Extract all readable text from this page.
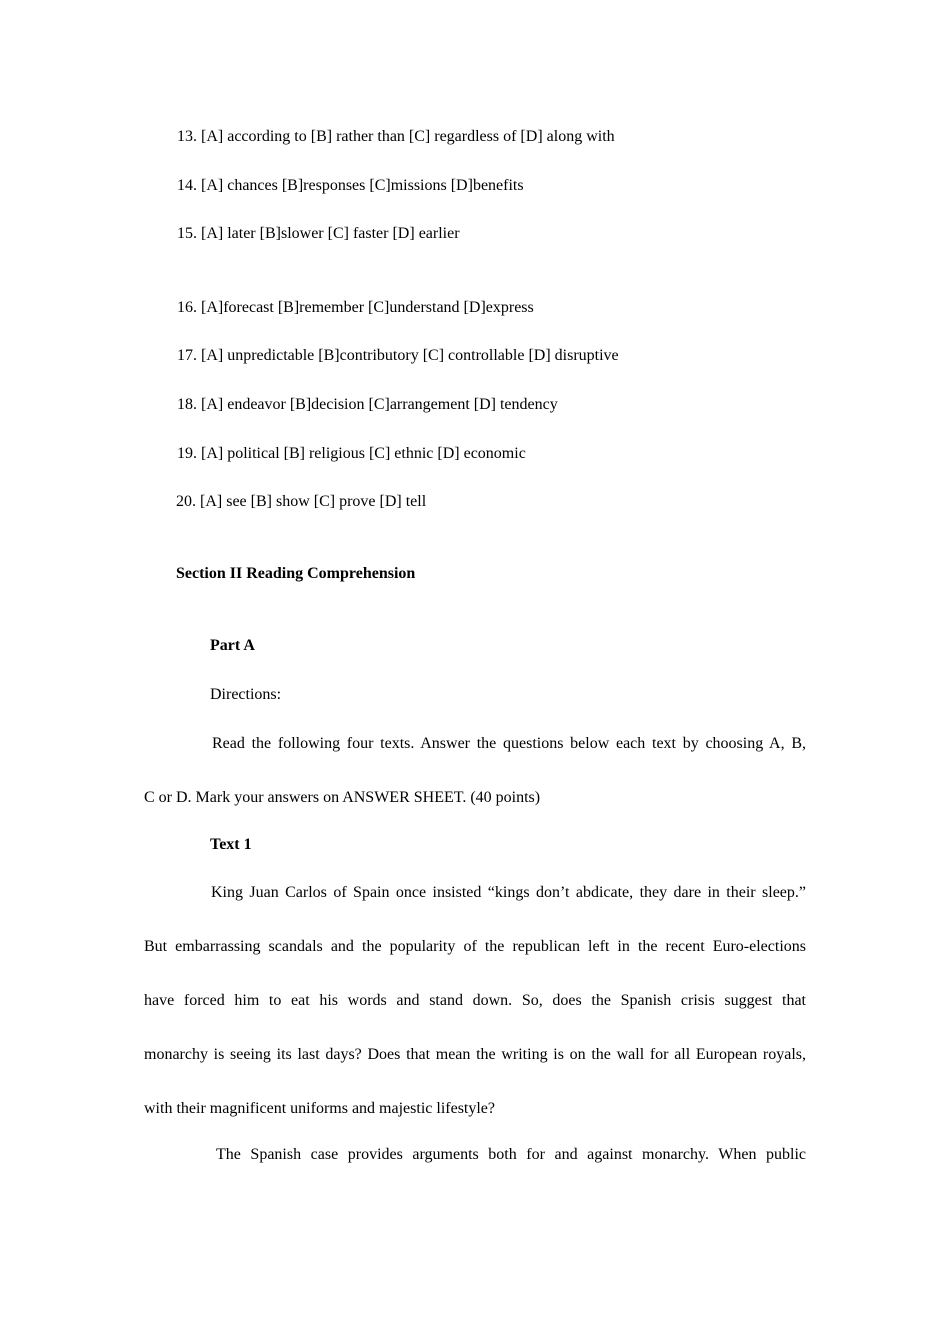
13. [A] according to [B] rather than [C] regardless of [D] along with
14. [A] chances [B]responses [C]missions [D]benefits
15. [A] later [B]slower [C] faster [D] earlier
16. [A]forecast [B]remember [C]understand [D]express
17. [A] unpredictable [B]contributory [C] controllable [D] disruptive
18. [A] endeavor [B]decision [C]arrangement [D] tendency
19. [A] political [B] religious [C] ethnic [D] economic
20. [A] see [B] show [C] prove [D] tell
Section II Reading Comprehension
Part A
Directions:
Read the following four texts. Answer the questions below each text by choosing A, B,
C or D. Mark your answers on ANSWER SHEET. (40 points)
Text 1
King Juan Carlos of Spain once insisted “kings don’t abdicate, they dare in their sleep.”
But embarrassing scandals and the popularity of the republican left in the recent Euro-elections
have forced him to eat his words and stand down. So, does the Spanish crisis suggest that
monarchy is seeing its last days? Does that mean the writing is on the wall for all European royals,
with their magnificent uniforms and majestic lifestyle?
The Spanish case provides arguments both for and against monarchy. When public
